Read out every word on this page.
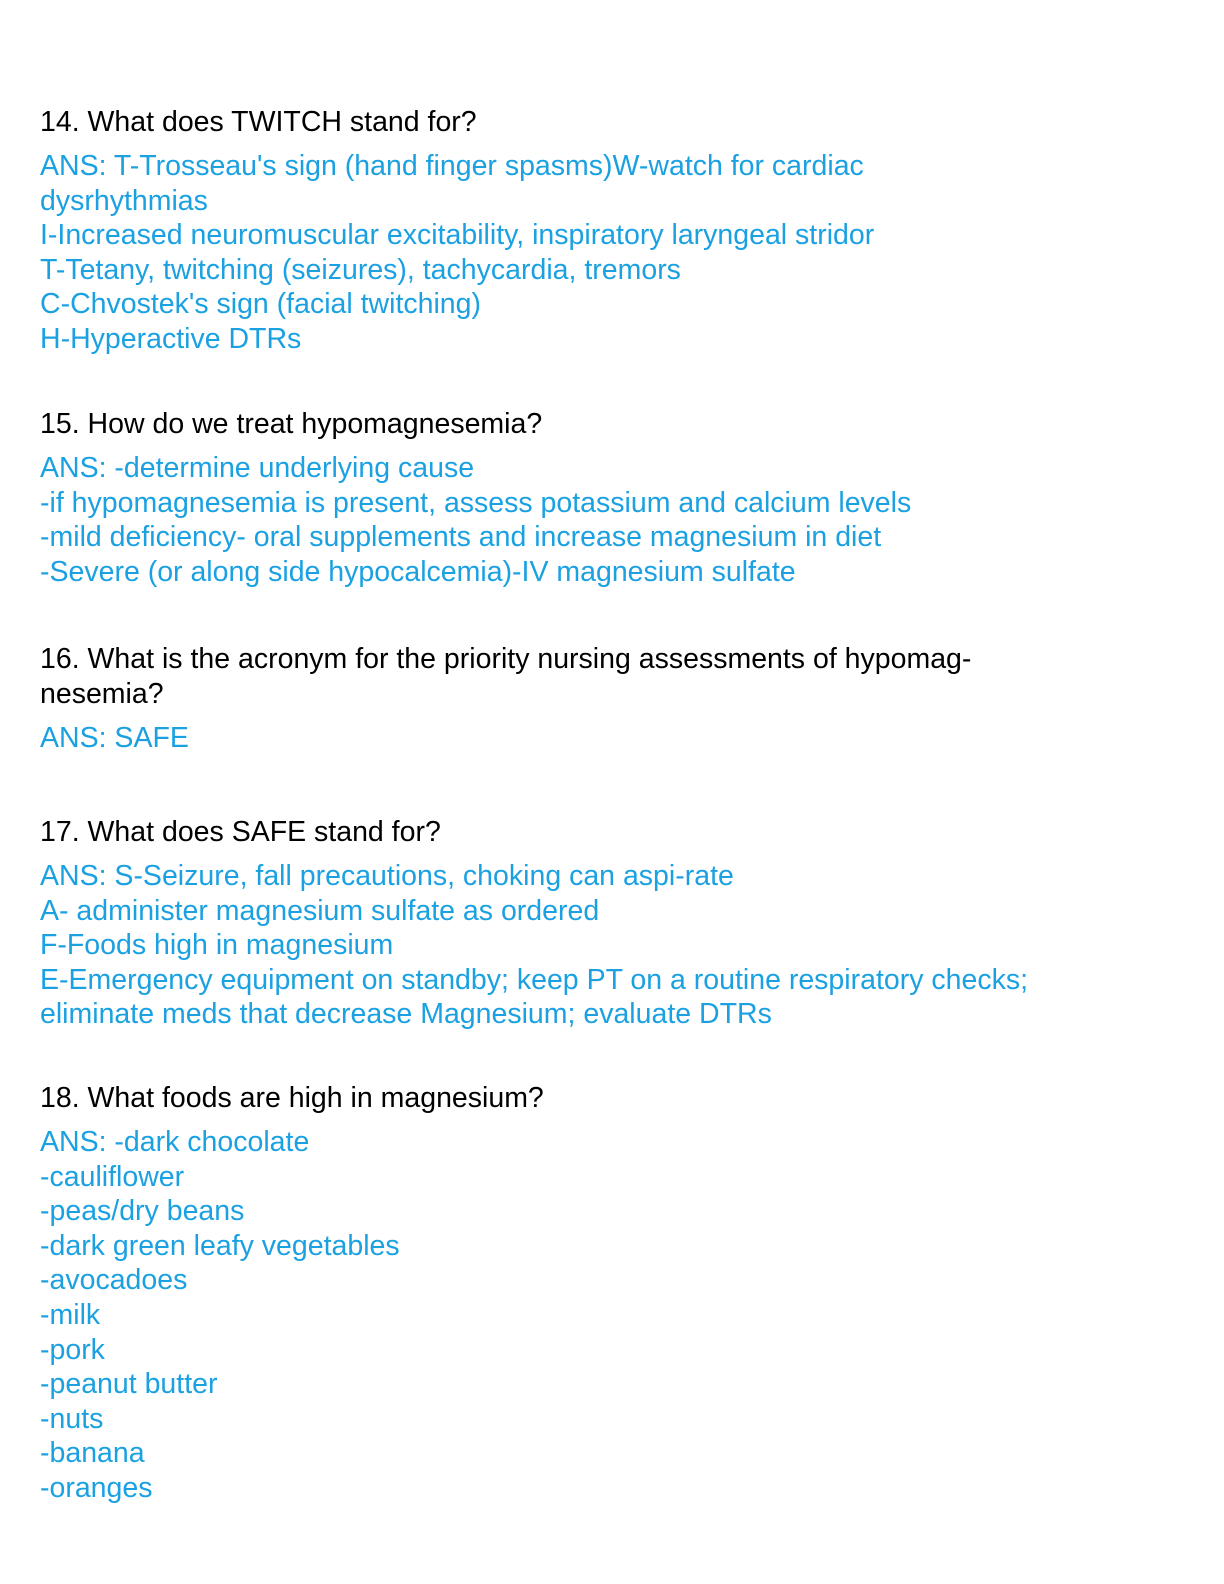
14. What does TWITCH stand for?
ANS: T-Trosseau's sign (hand finger spasms)W-watch for cardiac
dysrhythmias
I-Increased neuromuscular excitability, inspiratory laryngeal stridor
T-Tetany, twitching (seizures), tachycardia, tremors
C-Chvostek's sign (facial twitching)
H-Hyperactive DTRs
15. How do we treat hypomagnesemia?
ANS: -determine underlying cause
-if hypomagnesemia is present, assess potassium and calcium levels
-mild deficiency- oral supplements and increase magnesium in diet
-Severe (or along side hypocalcemia)-IV magnesium sulfate
16. What is the acronym for the priority nursing assessments of hypomag-
nesemia?
ANS: SAFE
17. What does SAFE stand for?
ANS: S-Seizure, fall precautions, choking can aspi-rate
A- administer magnesium sulfate as ordered
F-Foods high in magnesium
E-Emergency equipment on standby; keep PT on a routine respiratory checks;
eliminate meds that decrease Magnesium; evaluate DTRs
18. What foods are high in magnesium?
ANS: -dark chocolate
-cauliflower
-peas/dry beans
-dark green leafy vegetables
-avocadoes
-milk
-pork
-peanut butter
-nuts
-banana
-oranges
